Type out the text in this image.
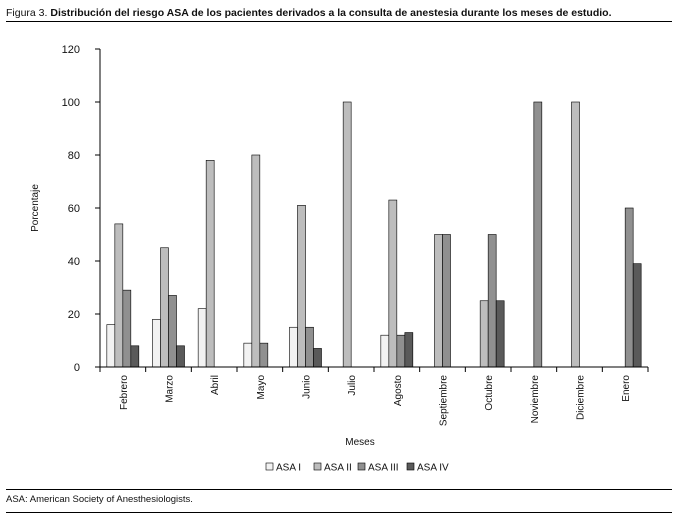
Figura 3. Distribución del riesgo ASA de los pacientes derivados a la consulta de anestesia durante los meses de estudio.
0
20
40
60
80
100
120
Febrero	Marzo	Abril	Mayo	Junio	Julio	Agosto	Septiembre	Octubre	Noviembre	Diciembre	Enero
Porcentaje
Meses
ASA I ASA II ASA III ASA IV
ASA: American Society of Anesthesiologists.
